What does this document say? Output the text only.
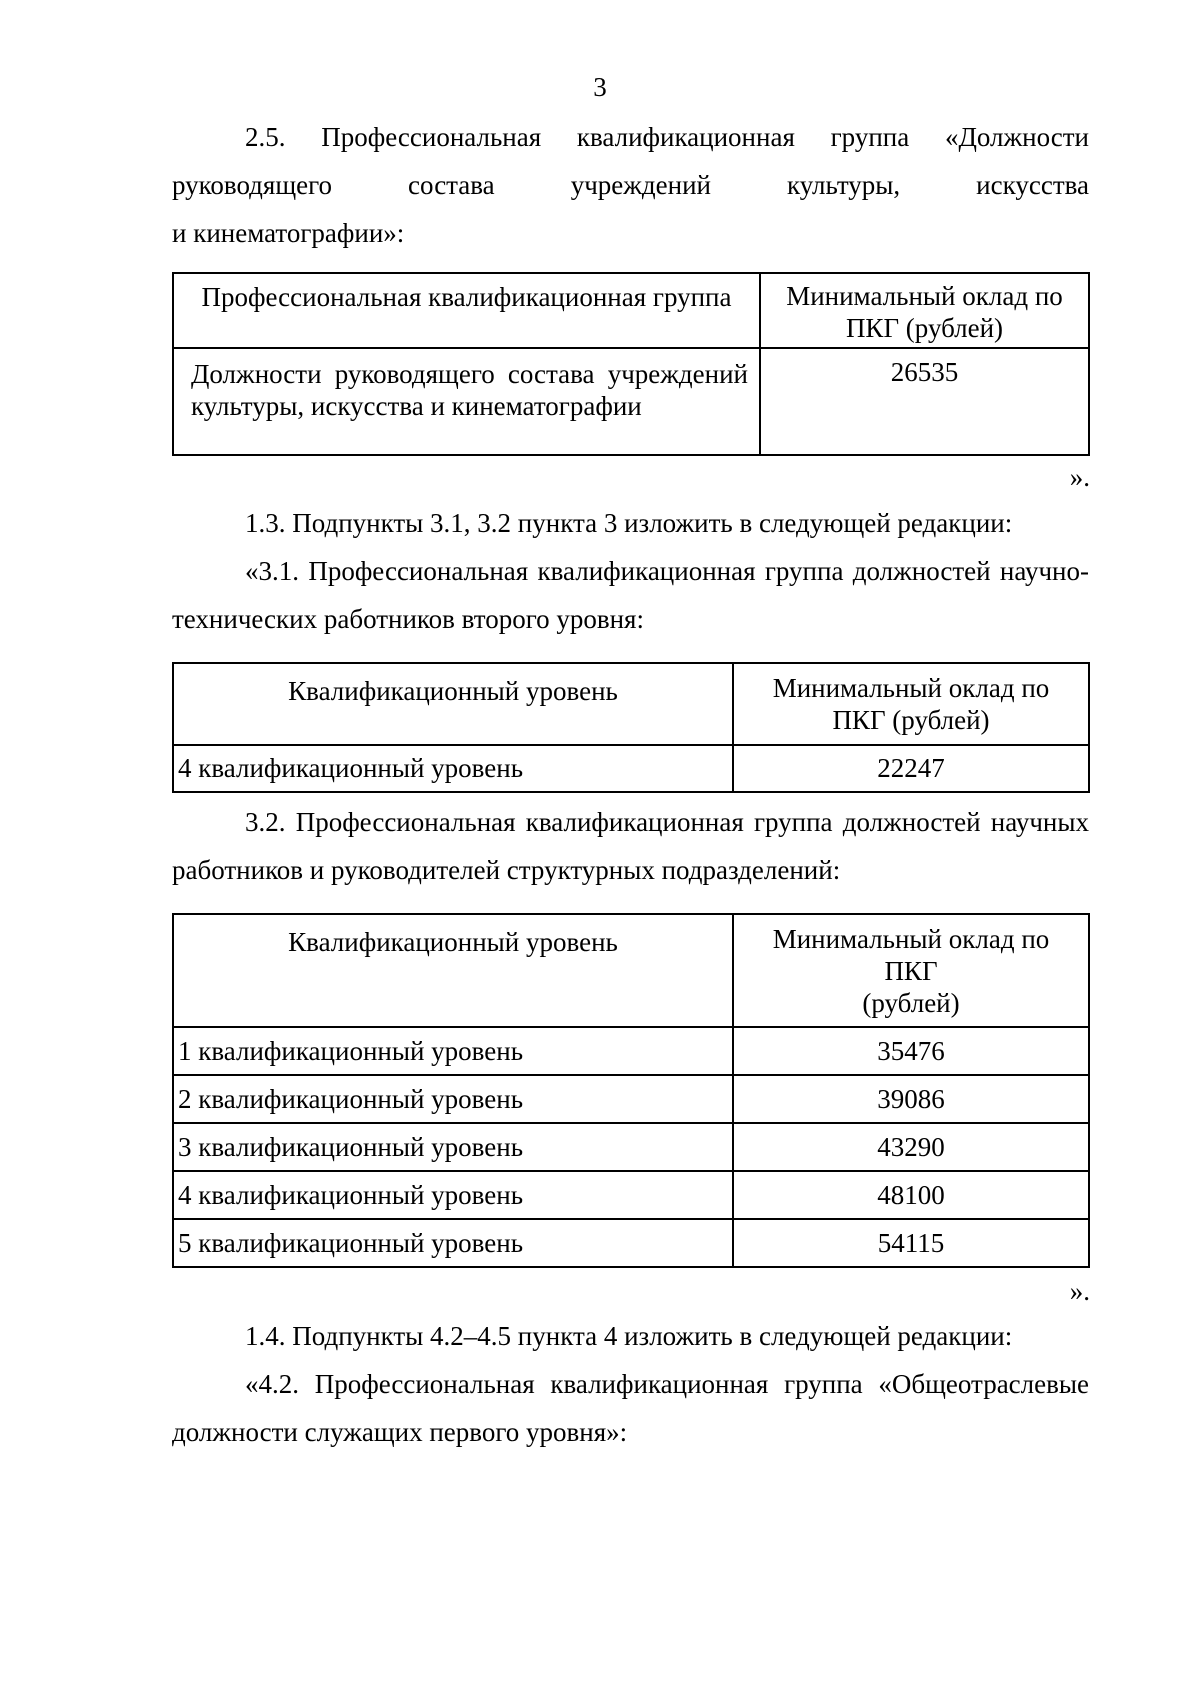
3
2.5. Профессиональная квалификационная группа «Должности руководящего состава учреждений культуры, искусства
и кинематографии»:
Профессиональная квалификационная группа	Минимальный оклад по ПКГ (рублей)
Должности руководящего состава учреждений культуры, искусства и кинематографии	26535
».
1.3. Подпункты 3.1, 3.2 пункта 3 изложить в следующей редакции:
«3.1. Профессиональная квалификационная группа должностей научно-технических работников второго уровня:
Квалификационный уровень	Минимальный оклад по
ПКГ (рублей)

4 квалификационный уровень	22247
3.2. Профессиональная квалификационная группа должностей научных работников и руководителей структурных подразделений:
Квалификационный уровень	Минимальный оклад по
ПКГ
(рублей)

1 квалификационный уровень	35476
2 квалификационный уровень	39086
3 квалификационный уровень	43290
4 квалификационный уровень	48100
5 квалификационный уровень	54115
».
1.4. Подпункты 4.2–4.5 пункта 4 изложить в следующей редакции:
«4.2. Профессиональная квалификационная группа «Общеотраслевые должности служащих первого уровня»:
